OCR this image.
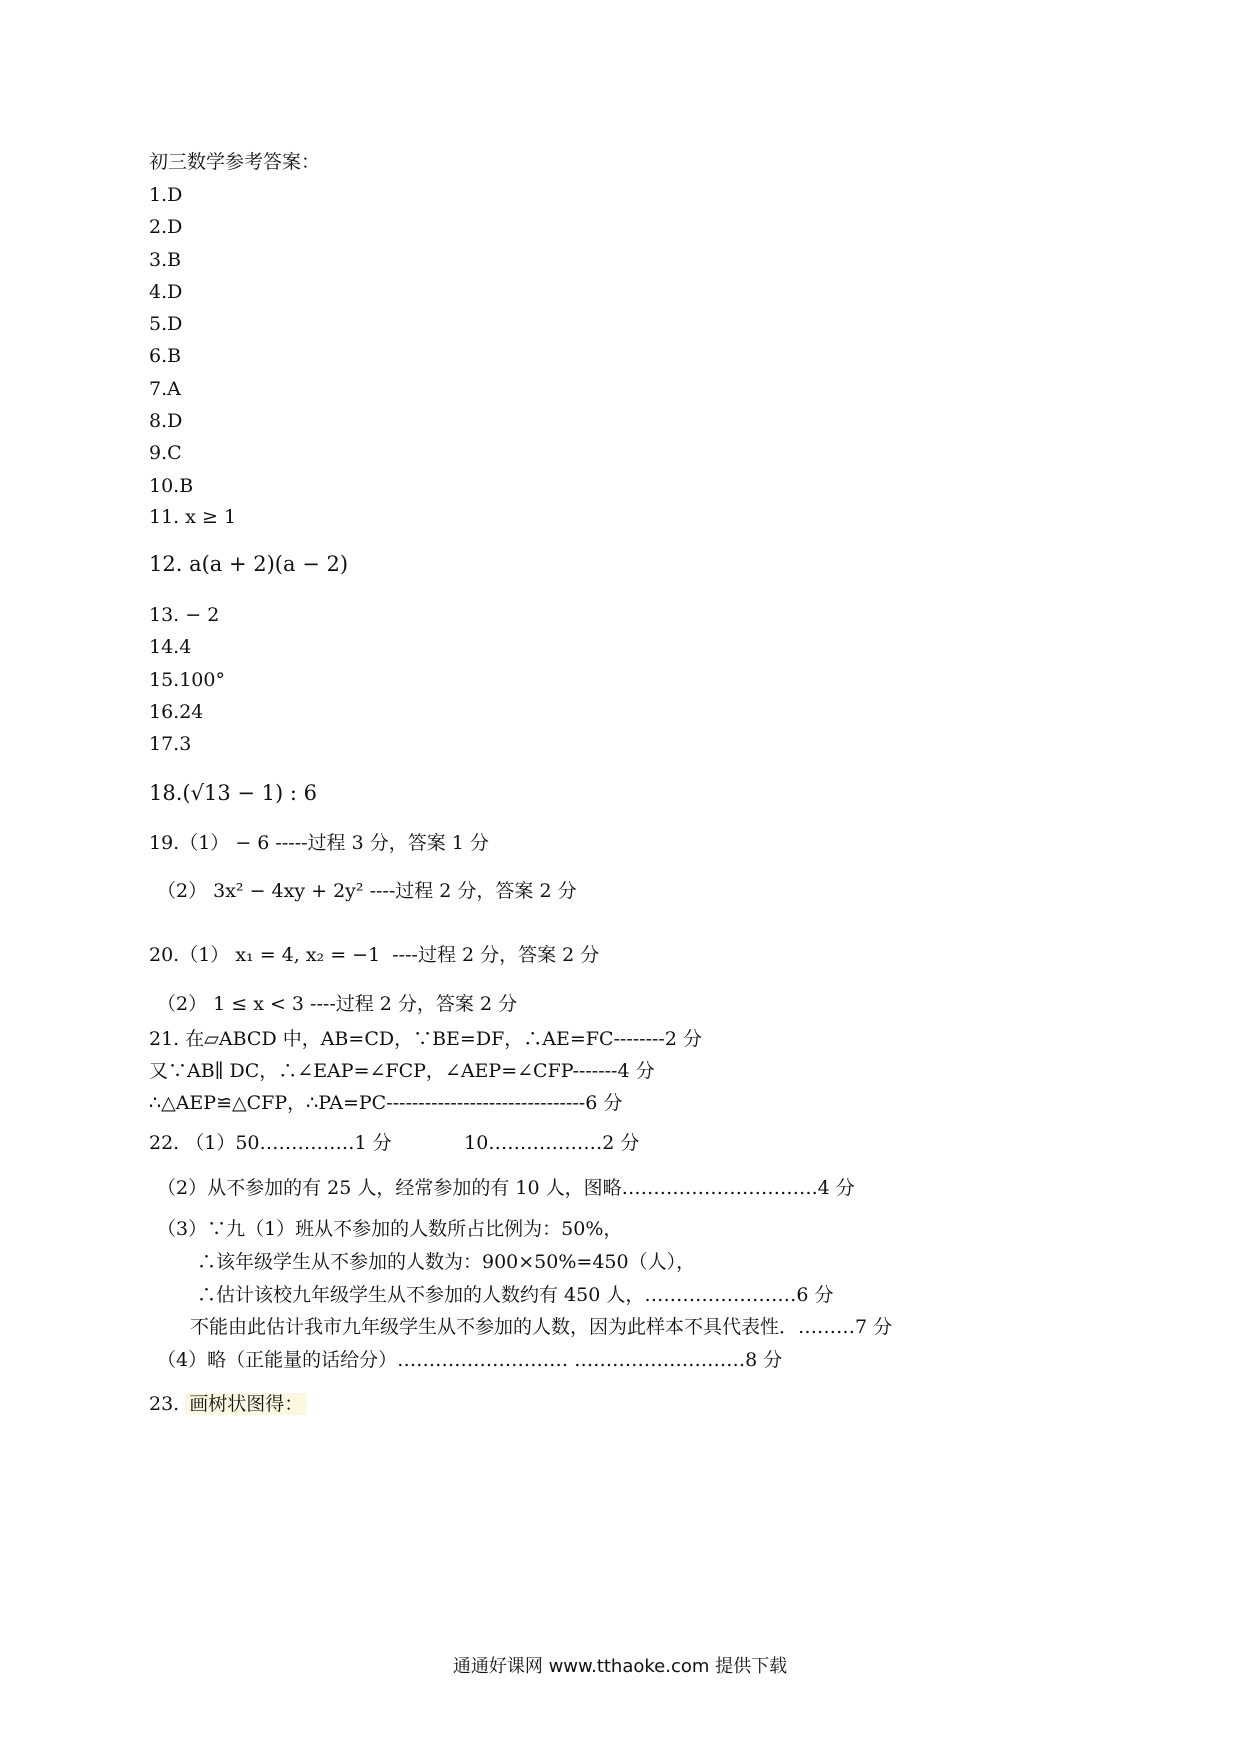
初三数学参考答案：
1.D
2.D
3.B
4.D
5.D
6.B
7.A
8.D
9.C
10.B
11. x ≥ 1
12. a(a + 2)(a − 2)
13. − 2
14.4
15.100°
16.24
17.3
18.(√13 − 1) : 6
19.（1） − 6 -----过程 3 分，答案 1 分
（2） 3x² − 4xy + 2y² ----过程 2 分，答案 2 分
20.（1） x₁ = 4, x₂ = −1  ----过程 2 分，答案 2 分
（2） 1 ≤ x < 3 ----过程 2 分，答案 2 分
21. 在▱ABCD 中，AB=CD，∵BE=DF，∴AE=FC--------2 分
又∵AB∥ DC，∴∠EAP=∠FCP，∠AEP=∠CFP-------4 分
∴△AEP≌△CFP，∴PA=PC-------------------------------6 分
22. （1）50……………1 分            10………………2 分
（2）从不参加的有 25 人，经常参加的有 10 人，图略………………………….4 分
（3）∵九（1）班从不参加的人数所占比例为：50%，
∴该年级学生从不参加的人数为：900×50%=450（人），
∴估计该校九年级学生从不参加的人数约有 450 人，……………………6 分
不能由此估计我市九年级学生从不参加的人数，因为此样本不具代表性．………7 分
（4）略（正能量的话给分）……………………… ………………………8 分
23. 画树状图得：
通通好课网 www.tthaoke.com 提供下载
